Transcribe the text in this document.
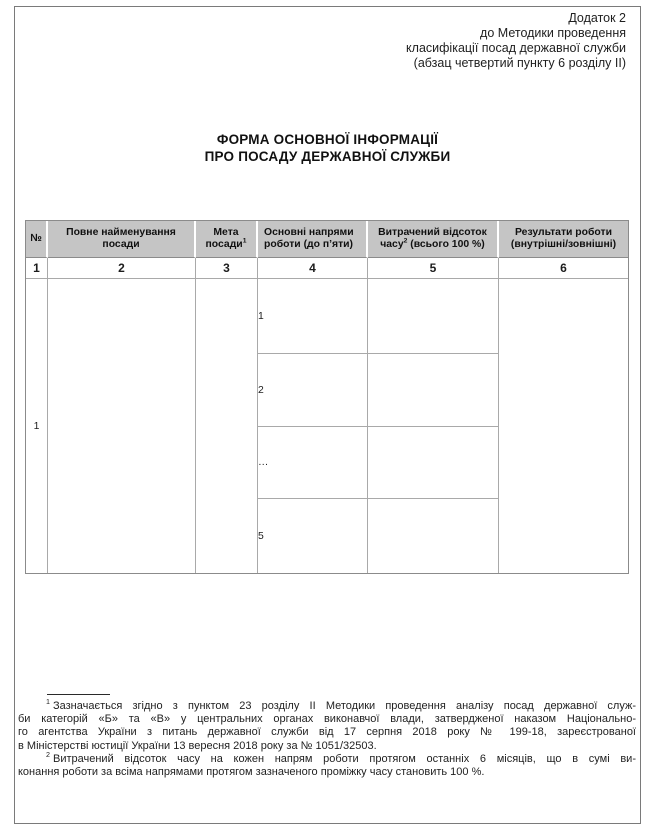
Додаток 2
до Методики проведення
класифікації посад державної служби
(абзац четвертий пункту 6 розділу II)
ФОРМА ОСНОВНОЇ ІНФОРМАЦІЇ
ПРО ПОСАДУ ДЕРЖАВНОЇ СЛУЖБИ
№	Повне найменування посади	Мета посади$^1$	Основні напрями роботи (до п’яти)	Витрачений відсоток часу$^2$ (всього 100 %)	Результати роботи (внутрішні/зовнішні)
1	2	3	4	5	6
1			1		
			2		
			…		
			5		
$^1$ Зазначається згідно з пунктом 23 розділу II Методики проведення аналізу посад державної служ-
би категорій «Б» та «В» у центральних органах виконавчої влади, затвердженої наказом Національно-
го агентства України з питань державної служби від 17 серпня 2018 року № 199-18, зареєстрованої
в Міністерстві юстиції України 13 вересня 2018 року за № 1051/32503.
$^2$ Витрачений відсоток часу на кожен напрям роботи протягом останніх 6 місяців, що в сумі ви-
конання роботи за всіма напрямами протягом зазначеного проміжку часу становить 100 %.
